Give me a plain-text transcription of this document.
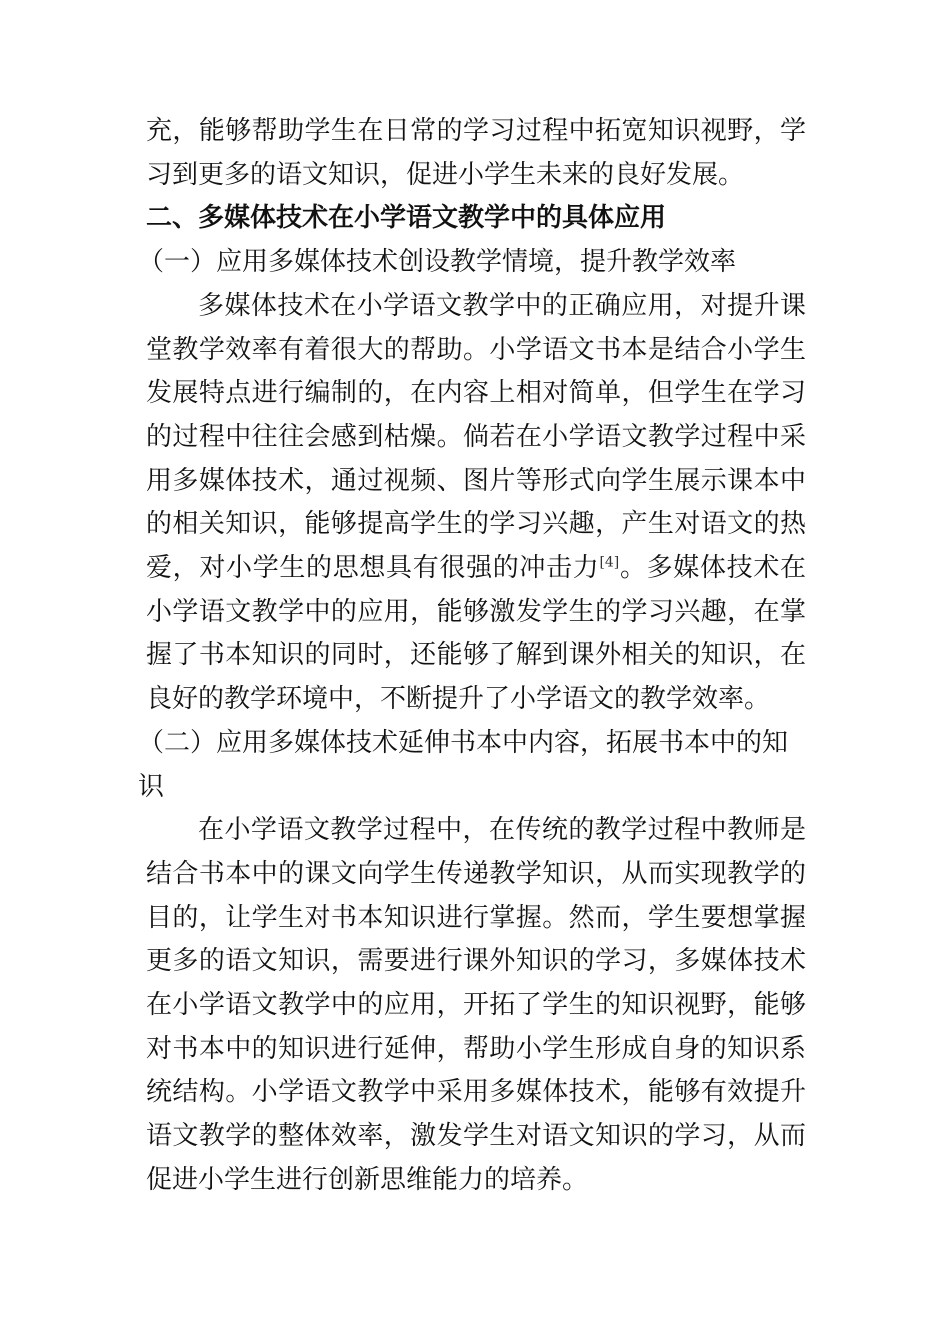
充，能够帮助学生在日常的学习过程中拓宽知识视野，学习到更多的语文知识，促进小学生未来的良好发展。

二、多媒体技术在小学语文教学中的具体应用
（一）应用多媒体技术创设教学情境，提升教学效率

多媒体技术在小学语文教学中的正确应用，对提升课堂教学效率有着很大的帮助。小学语文书本是结合小学生发展特点进行编制的，在内容上相对简单，但学生在学习的过程中往往会感到枯燥。倘若在小学语文教学过程中采用多媒体技术，通过视频、图片等形式向学生展示课本中的相关知识，能够提高学生的学习兴趣，产生对语文的热爱，对小学生的思想具有很强的冲击力[4]。多媒体技术在小学语文教学中的应用，能够激发学生的学习兴趣，在掌握了书本知识的同时，还能够了解到课外相关的知识，在良好的教学环境中，不断提升了小学语文的教学效率。

（二）应用多媒体技术延伸书本中内容，拓展书本中的知识

在小学语文教学过程中，在传统的教学过程中教师是结合书本中的课文向学生传递教学知识，从而实现教学的目的，让学生对书本知识进行掌握。然而，学生要想掌握更多的语文知识，需要进行课外知识的学习，多媒体技术在小学语文教学中的应用，开拓了学生的知识视野，能够对书本中的知识进行延伸，帮助小学生形成自身的知识系统结构。小学语文教学中采用多媒体技术，能够有效提升语文教学的整体效率，激发学生对语文知识的学习，从而促进小学生进行创新思维能力的培养。
